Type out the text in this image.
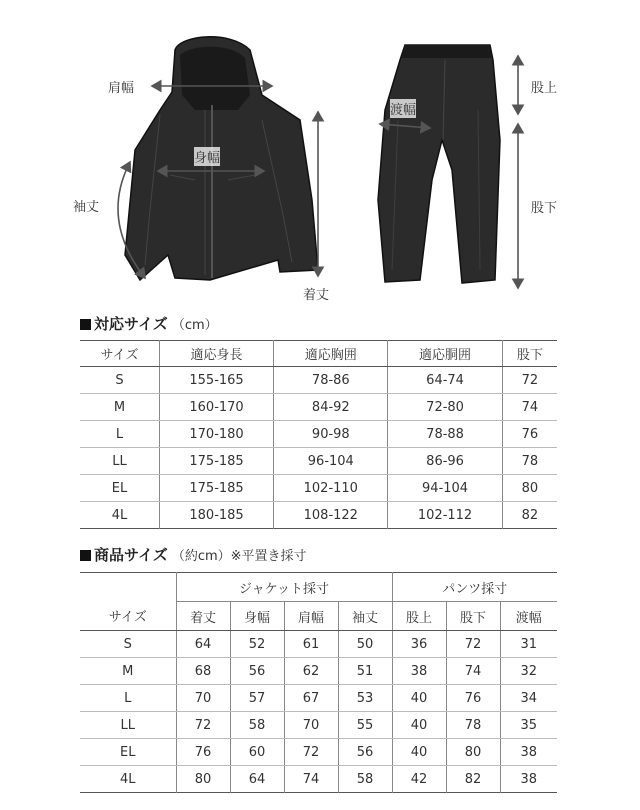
肩幅
身幅
袖丈
着丈
渡幅
股上
股下
対応サイズ （cm）
サイズ	適応身長	適応胸囲	適応胴囲	股下
S	155-165	78-86	64-74	72
M	160-170	84-92	72-80	74
L	170-180	90-98	78-88	76
LL	175-185	96-104	86-96	78
EL	175-185	102-110	94-104	80
4L	180-185	108-122	102-112	82
商品サイズ （約cm）※平置き採寸
	ジャケット採寸				パンツ採寸		
サイズ	着丈	身幅	肩幅	袖丈	股上	股下	渡幅
S	64	52	61	50	36	72	31
M	68	56	62	51	38	74	32
L	70	57	67	53	40	76	34
LL	72	58	70	55	40	78	35
EL	76	60	72	56	40	80	38
4L	80	64	74	58	42	82	38
